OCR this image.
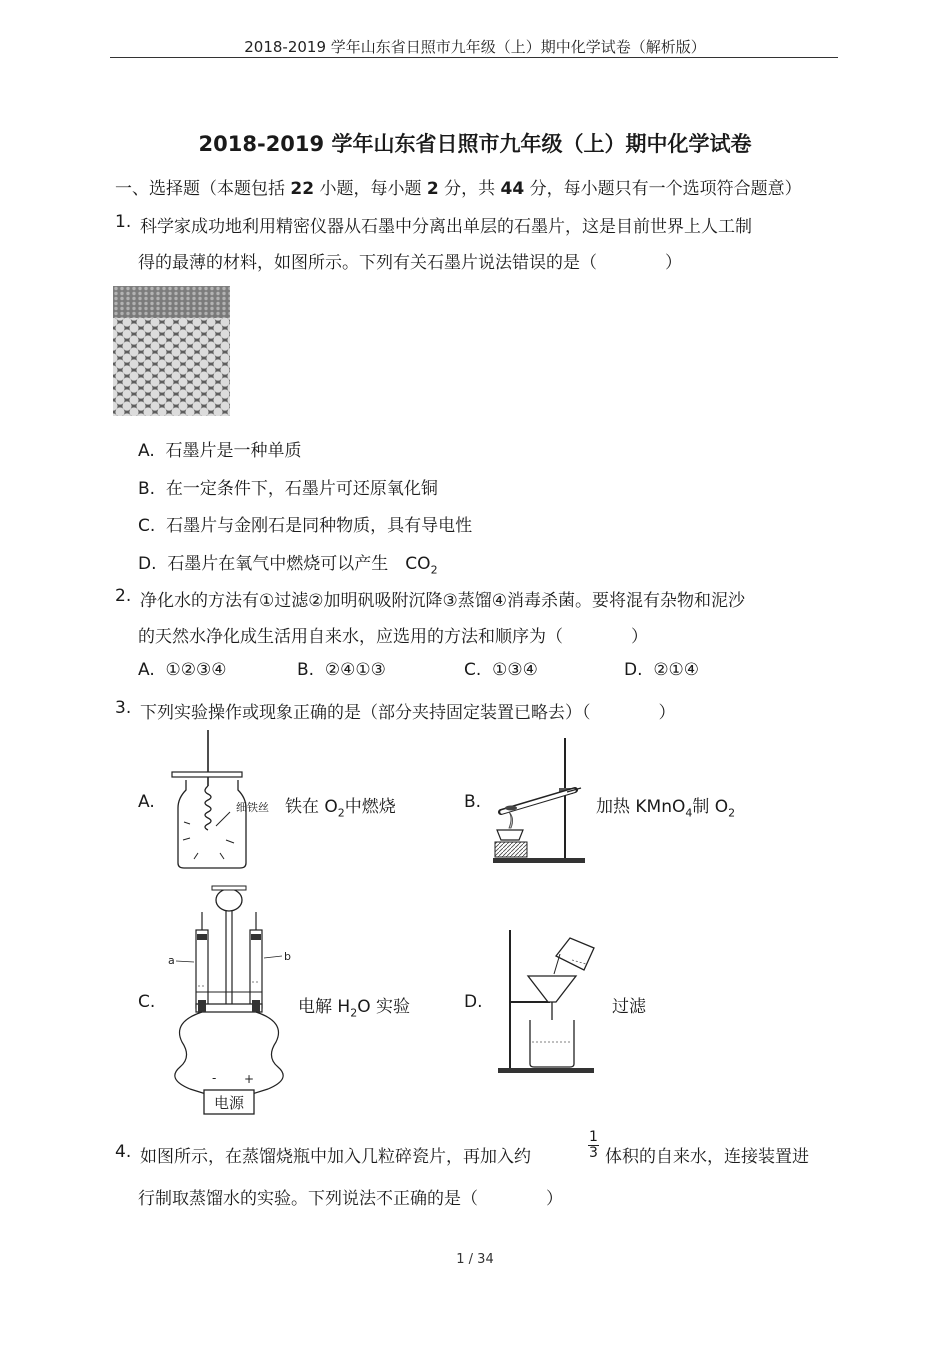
2018-2019 学年山东省日照市九年级（上）期中化学试卷（解析版）
2018-2019 学年山东省日照市九年级（上）期中化学试卷
一、选择题（本题包括 22 小题，每小题 2 分，共 44 分，每小题只有一个选项符合题意）
1. 科学家成功地利用精密仪器从石墨中分离出单层的石墨片，这是目前世界上人工制
得的最薄的材料，如图所示。下列有关石墨片说法错误的是（　　　　）
A. 石墨片是一种单质
B. 在一定条件下，石墨片可还原氧化铜
C. 石墨片与金刚石是同种物质，具有导电性
D. 石墨片在氧气中燃烧可以产生　$CO_2$
2. 净化水的方法有①过滤②加明矾吸附沉降③蒸馏④消毒杀菌。要将混有杂物和泥沙
的天然水净化成生活用自来水，应选用的方法和顺序为（　　　　）
A. ①②③④	B. ②④①③	C. ①③④	D. ②①④
3. 下列实验操作或现象正确的是（部分夹持固定装置已略去）（　　　　）
A.	细铁丝 铁在 $O_2$中燃烧	B.	加热 KMnO$_4$制 $O_2$
C.
a	b
- +
电源
电解 $H_2O$ 实验	D.	过滤
4. 如图所示，在蒸馏烧瓶中加入几粒碎瓷片，再加入约	$\frac{1}{3}$ 体积的自来水，连接装置进
行制取蒸馏水的实验。下列说法不正确的是（　　　　）
1 / 34
